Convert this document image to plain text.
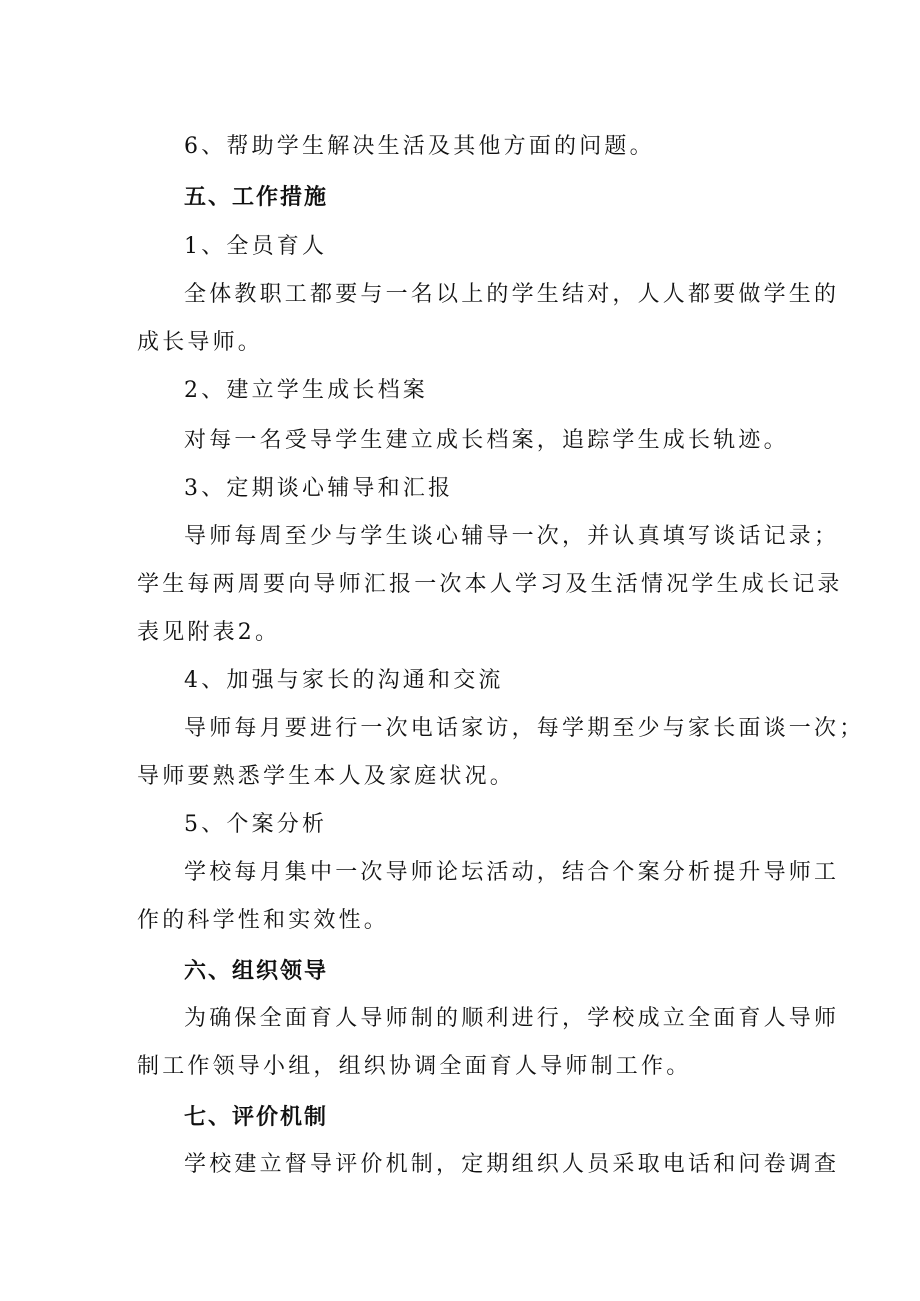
6、帮助学生解决生活及其他方面的问题。
五、工作措施
1、全员育人
全体教职工都要与一名以上的学生结对，人人都要做学生的
成长导师。
2、建立学生成长档案
对每一名受导学生建立成长档案，追踪学生成长轨迹。
3、定期谈心辅导和汇报
导师每周至少与学生谈心辅导一次，并认真填写谈话记录；
学生每两周要向导师汇报一次本人学习及生活情况学生成长记录
表见附表2。
4、加强与家长的沟通和交流
导师每月要进行一次电话家访，每学期至少与家长面谈一次；
导师要熟悉学生本人及家庭状况。
5、个案分析
学校每月集中一次导师论坛活动，结合个案分析提升导师工
作的科学性和实效性。
六、组织领导
为确保全面育人导师制的顺利进行，学校成立全面育人导师
制工作领导小组，组织协调全面育人导师制工作。
七、评价机制
学校建立督导评价机制，定期组织人员采取电话和问卷调查
